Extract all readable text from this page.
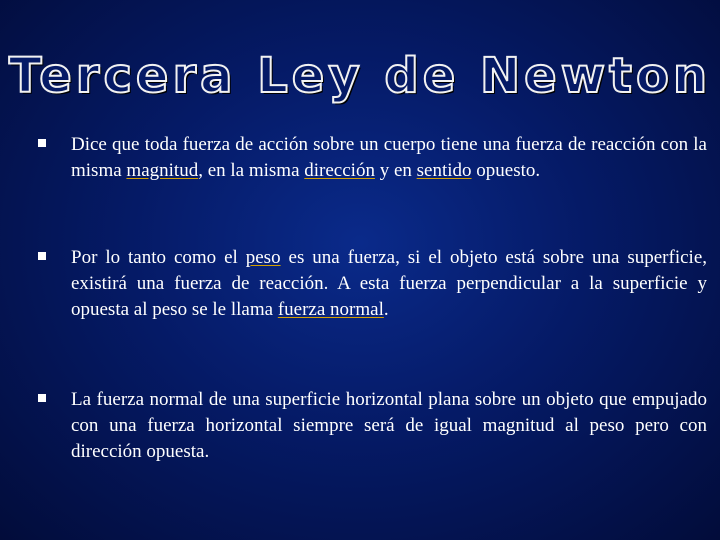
Tercera Ley de Newton

Dice que toda fuerza de acción sobre un cuerpo tiene una fuerza de reacción con la misma magnitud, en la misma dirección y en sentido opuesto.

Por lo tanto como el peso es una fuerza, si el objeto está sobre una superficie, existirá una fuerza de reacción. A esta fuerza perpendicular a la superficie y opuesta al peso se le llama fuerza normal.

La fuerza normal de una superficie horizontal plana sobre un objeto que empujado con una fuerza horizontal siempre será de igual magnitud al peso pero con dirección opuesta.
